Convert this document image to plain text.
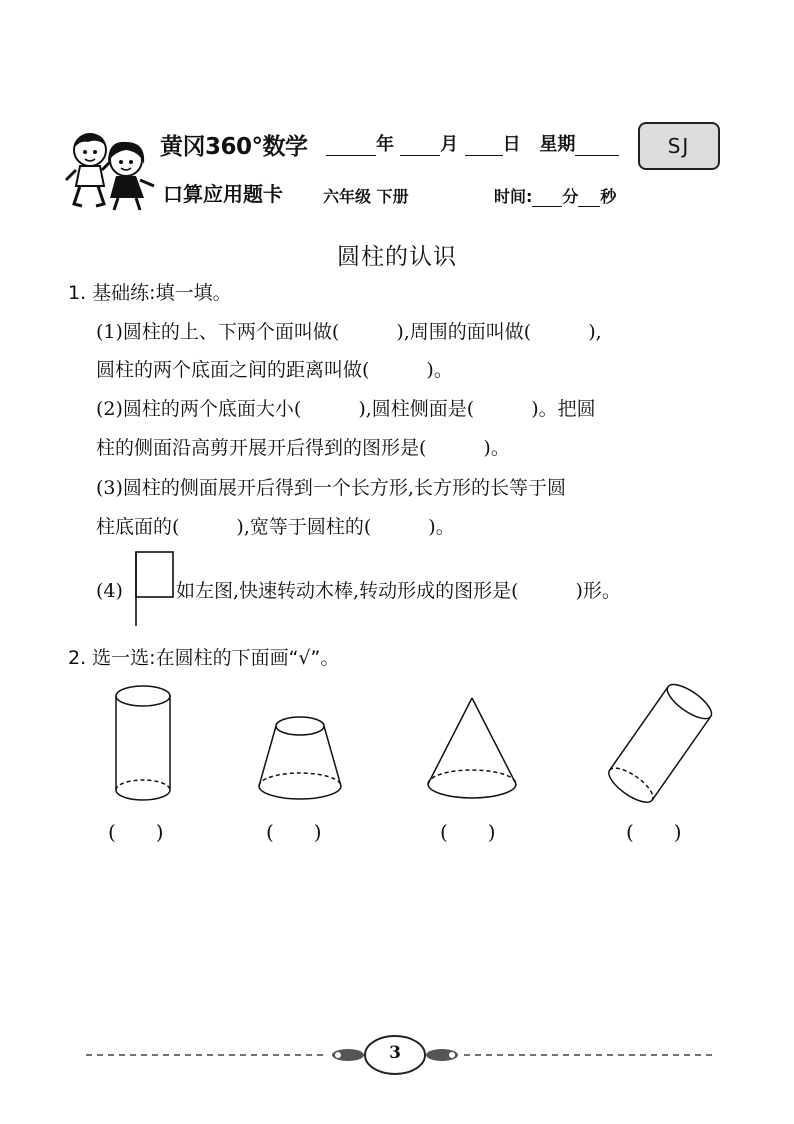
黄冈360°数学
口算应用题卡
年	月 日 星期	SJ
六年级 下册	时间: 分 秒
圆柱的认识
1. 基础练:填一填。
(1)圆柱的上、下两个面叫做(　　　),周围的面叫做(　　　),
圆柱的两个底面之间的距离叫做(　　　)。
(2)圆柱的两个底面大小(　　　),圆柱侧面是(　　　)。把圆
柱的侧面沿高剪开展开后得到的图形是(　　　)。
(3)圆柱的侧面展开后得到一个长方形,长方形的长等于圆
柱底面的(　　　),宽等于圆柱的(　　　)。
(4)	如左图,快速转动木棒,转动形成的图形是(　　　)形。
2. 选一选:在圆柱的下面画“√”。
(　　)	(　　)	(　　)	(　　)
3
